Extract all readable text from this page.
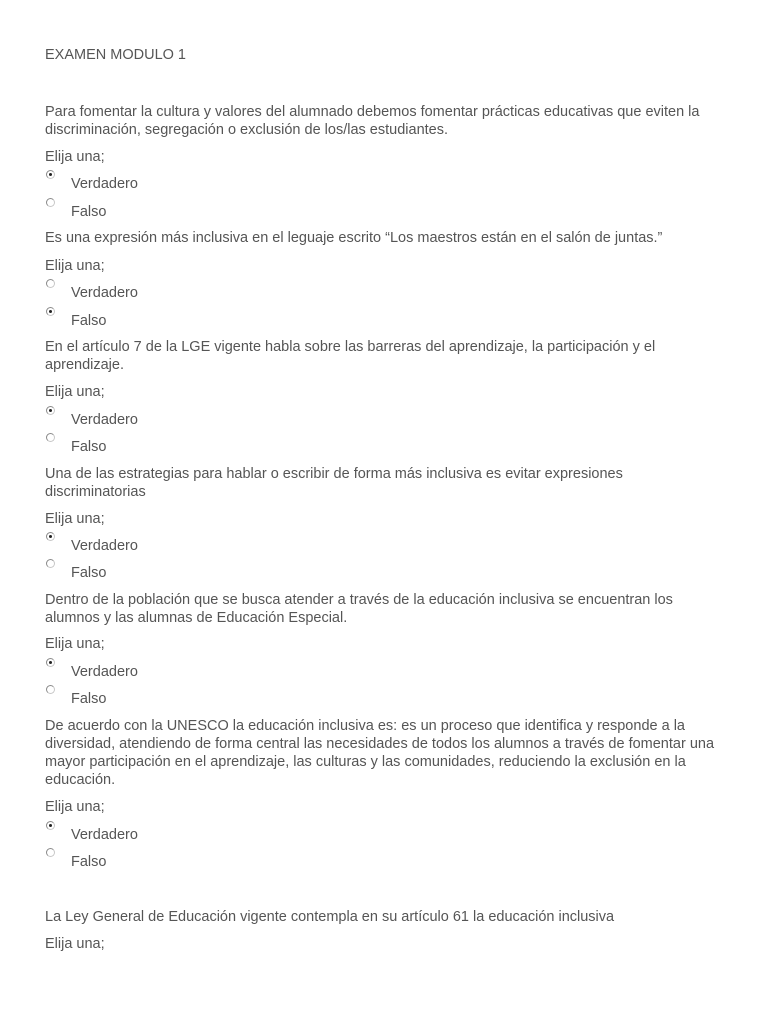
EXAMEN MODULO 1
Para fomentar la cultura y valores del alumnado debemos fomentar prácticas educativas que eviten la discriminación, segregación o exclusión de los/las estudiantes.
Elija una;
Verdadero
Falso
Es una expresión más inclusiva en el leguaje escrito “Los maestros están en el salón de juntas.”
Elija una;
Verdadero
Falso
En el artículo 7 de la LGE vigente habla sobre las barreras del aprendizaje, la participación y el aprendizaje.
Elija una;
Verdadero
Falso
Una de las estrategias para hablar o escribir de forma más inclusiva es evitar expresiones discriminatorias
Elija una;
Verdadero
Falso
Dentro de la población que se busca atender a través de la educación inclusiva se encuentran los alumnos y las alumnas de Educación Especial.
Elija una;
Verdadero
Falso
De acuerdo con la UNESCO la educación inclusiva es: es un proceso que identifica y responde a la diversidad, atendiendo de forma central las necesidades de todos los alumnos a través de fomentar una mayor participación en el aprendizaje, las culturas y las comunidades, reduciendo la exclusión en la educación.
Elija una;
Verdadero
Falso
La Ley General de Educación vigente contempla en su artículo 61 la educación inclusiva
Elija una;
